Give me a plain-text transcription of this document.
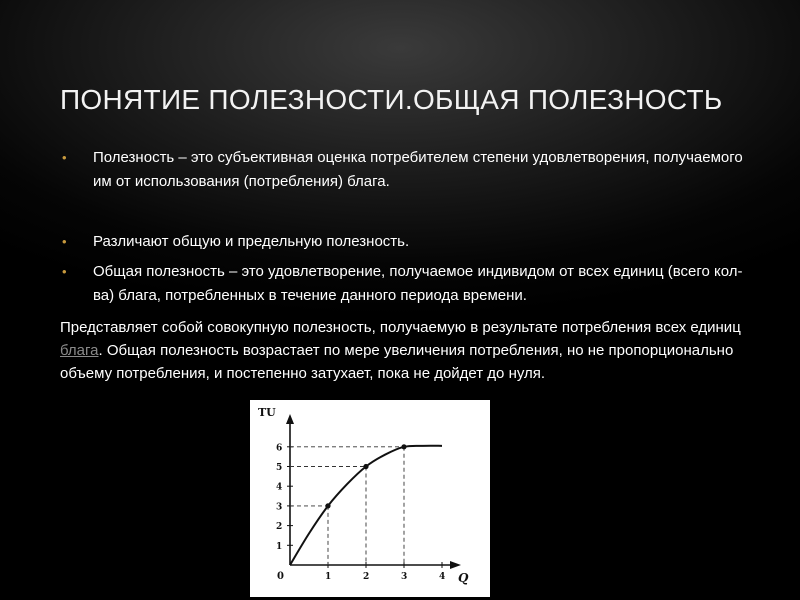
ПОНЯТИЕ ПОЛЕЗНОСТИ.ОБЩАЯ ПОЛЕЗНОСТЬ
• Полезность – это субъективная оценка потребителем степени удовлетворения, получаемого им от использования (потребления) блага.
• Различают общую и предельную полезность.
• Общая полезность – это удовлетворение, получаемое индивидом от всех единиц (всего кол-ва) блага, потребленных в течение данного периода времени.
Представляет собой совокупную полезность, получаемую в результате потребления всех единиц блага. Общая полезность возрастает по мере увеличения потребления, но не пропорционально объему потребления, и постепенно затухает, пока не дойдет до нуля.
TU
Q
0
1
2
3
4
5
6
1	2	3	4
